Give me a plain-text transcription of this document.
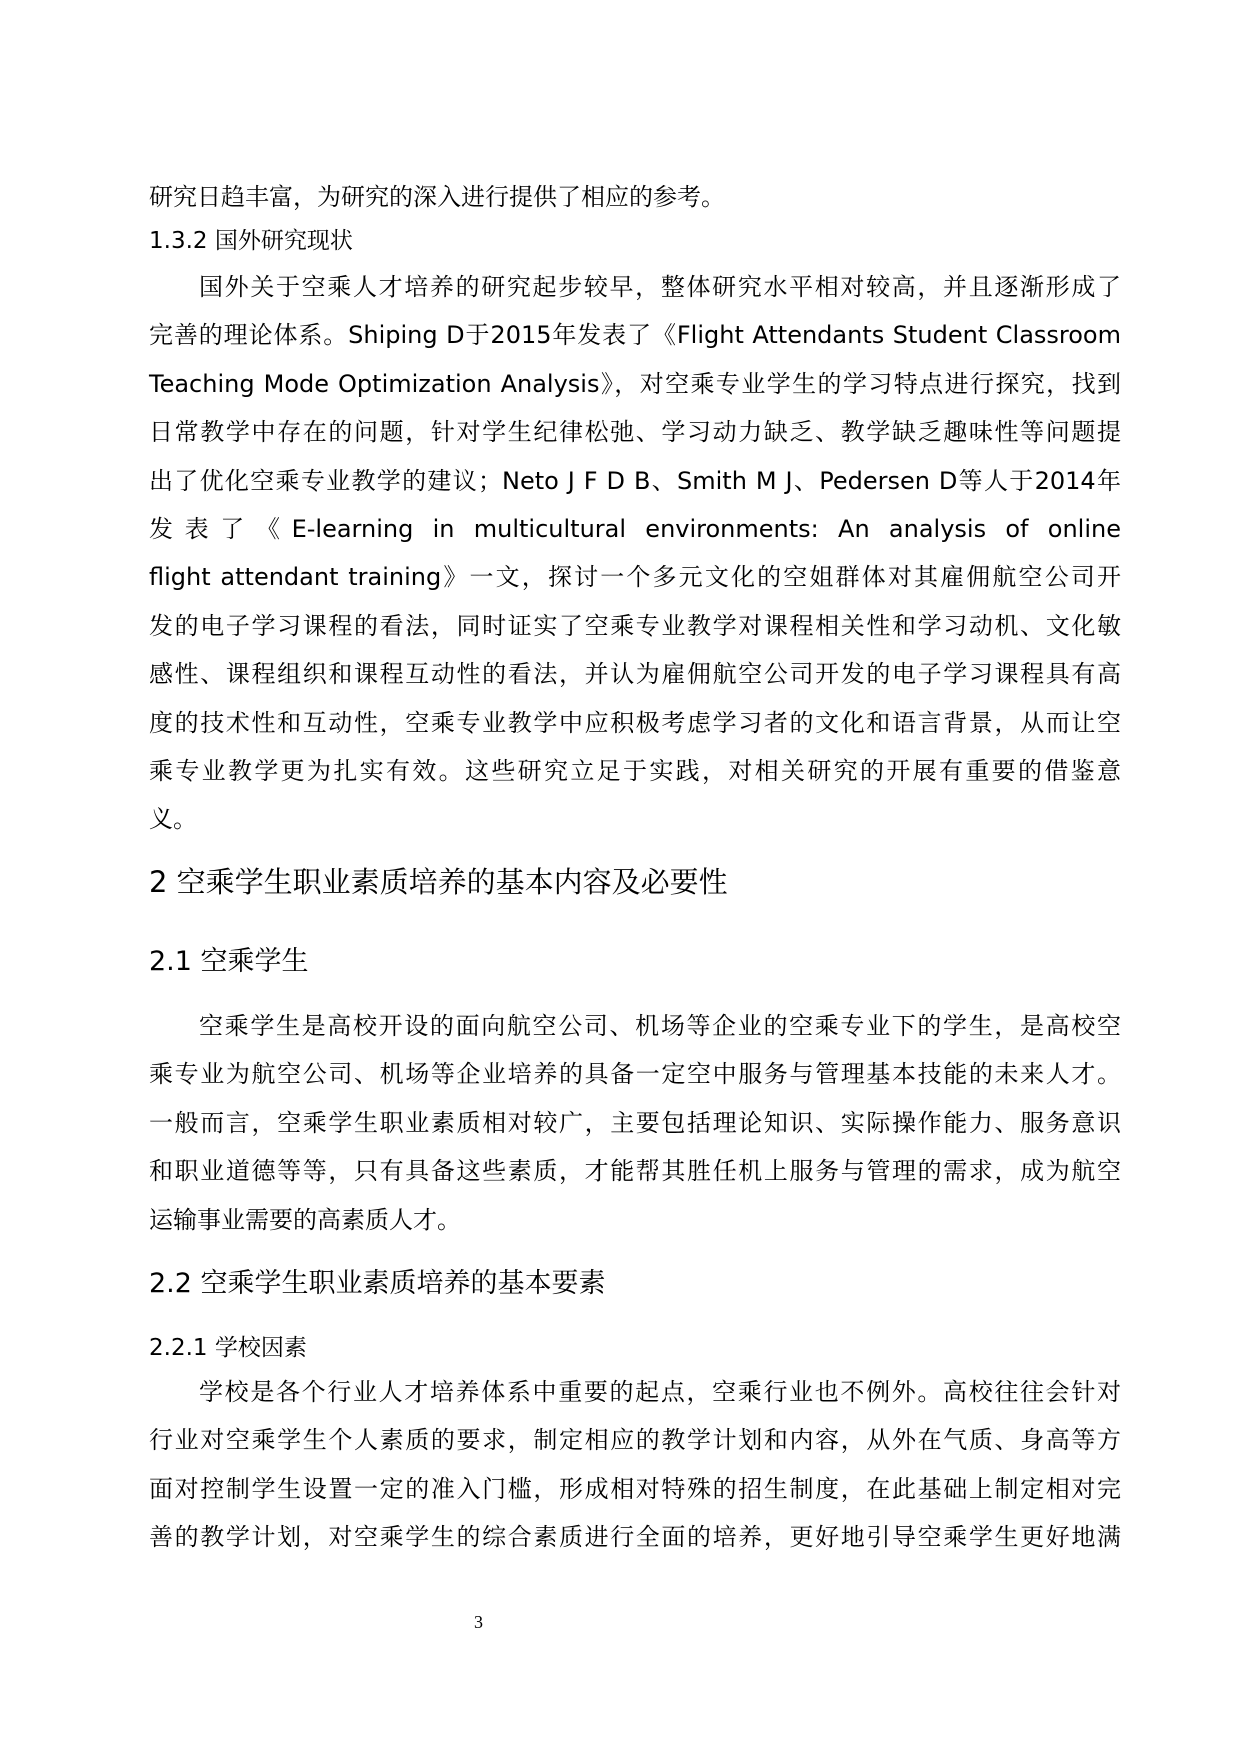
研究日趋丰富，为研究的深入进行提供了相应的参考。
1.3.2 国外研究现状
国外关于空乘人才培养的研究起步较早，整体研究水平相对较高，并且逐渐形成了
完善的理论体系。Shiping D于2015年发表了《Flight Attendants Student Classroom
Teaching Mode Optimization Analysis》，对空乘专业学生的学习特点进行探究，找到
日常教学中存在的问题，针对学生纪律松弛、学习动力缺乏、教学缺乏趣味性等问题提
出了优化空乘专业教学的建议；Neto J F D B、Smith M J、Pedersen D等人于2014年
发表了《E-learning in multicultural environments: An analysis of online
flight attendant training》一文，探讨一个多元文化的空姐群体对其雇佣航空公司开
发的电子学习课程的看法，同时证实了空乘专业教学对课程相关性和学习动机、文化敏
感性、课程组织和课程互动性的看法，并认为雇佣航空公司开发的电子学习课程具有高
度的技术性和互动性，空乘专业教学中应积极考虑学习者的文化和语言背景，从而让空
乘专业教学更为扎实有效。这些研究立足于实践，对相关研究的开展有重要的借鉴意
义。
2 空乘学生职业素质培养的基本内容及必要性
2.1 空乘学生
空乘学生是高校开设的面向航空公司、机场等企业的空乘专业下的学生，是高校空
乘专业为航空公司、机场等企业培养的具备一定空中服务与管理基本技能的未来人才。
一般而言，空乘学生职业素质相对较广，主要包括理论知识、实际操作能力、服务意识
和职业道德等等，只有具备这些素质，才能帮其胜任机上服务与管理的需求，成为航空
运输事业需要的高素质人才。
2.2 空乘学生职业素质培养的基本要素
2.2.1 学校因素
学校是各个行业人才培养体系中重要的起点，空乘行业也不例外。高校往往会针对
行业对空乘学生个人素质的要求，制定相应的教学计划和内容，从外在气质、身高等方
面对控制学生设置一定的准入门槛，形成相对特殊的招生制度，在此基础上制定相对完
善的教学计划，对空乘学生的综合素质进行全面的培养，更好地引导空乘学生更好地满
3
